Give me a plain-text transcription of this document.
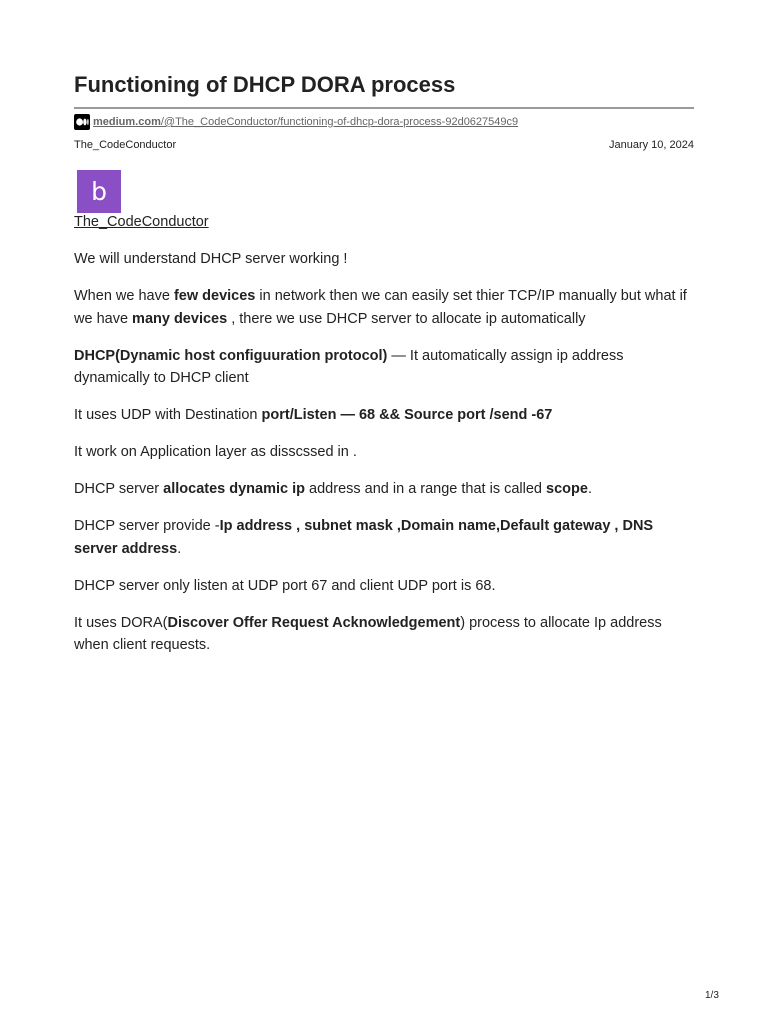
Functioning of DHCP DORA process
medium.com/@The_CodeConductor/functioning-of-dhcp-dora-process-92d0627549c9
The_CodeConductor	January 10, 2024
b
The_CodeConductor

We will understand DHCP server working !

When we have few devices in network then we can easily set thier TCP/IP manually but what if we have many devices , there we use DHCP server to allocate ip automatically

DHCP(Dynamic host configuuration protocol) — It automatically assign ip address dynamically to DHCP client

It uses UDP with Destination port/Listen — 68 && Source port /send -67

It work on Application layer as disscssed in .

DHCP server allocates dynamic ip address and in a range that is called scope.

DHCP server provide -Ip address , subnet mask ,Domain name,Default gateway , DNS server address.

DHCP server only listen at UDP port 67 and client UDP port is 68.

It uses DORA(Discover Offer Request Acknowledgement) process to allocate Ip address when client requests.

1/3
